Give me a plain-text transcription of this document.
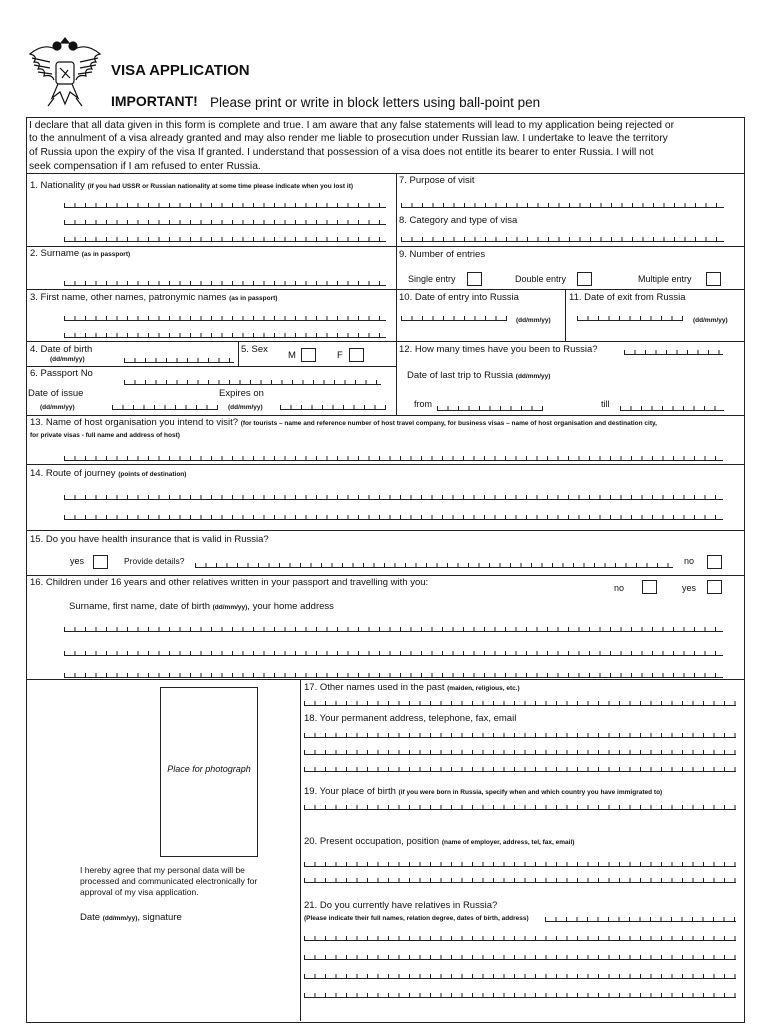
VISA APPLICATION
IMPORTANT! Please print or write in block letters using ball-point pen
I declare that all data given in this form is complete and true. I am aware that any false statements will lead to my application being rejected or
to the annulment of a visa already granted and may also render me liable to prosecution under Russian law. I undertake to leave the territory
of Russia upon the expiry of the visa If granted. I understand that possession of a visa does not entitle its bearer to enter Russia. I will not
seek compensation if I am refused to enter Russia.
1. Nationality (if you had USSR or Russian nationality at some time please indicate when you lost it)
7. Purpose of visit
8. Category and type of visa
2. Surname (as in passport)	9. Number of entries
Single entry	Double entry	Multiple entry
3. First name, other names, patronymic names (as in passport)	10. Date of entry into Russia
(dd/mm/yy)
11. Date of exit from Russia
(dd/mm/yy)
4. Date of birth
(dd/mm/yy)
5. Sex
M	F
12. How many times have you been to Russia?
Date of last trip to Russia (dd/mm/yy)
from	till
6. Passport No
Date of issue
(dd/mm/yy)
Expires on
(dd/mm/yy)
13. Name of host organisation you intend to visit? (for tourists – name and reference number of host travel company, for business visas – name of host organisation and destination city,
for private visas - full name and address of host)
14. Route of journey (points of destination)
15. Do you have health insurance that is valid in Russia?
yes	Provide details?	no
16. Children under 16 years and other relatives written in your passport and travelling with you:	no	yes
Surname, first name, date of birth (dd/mm/yy), your home address
Place for photograph
I hereby agree that my personal data will be
processed and communicated electronically for
approval of my visa application.
Date (dd/mm/yy), signature
17. Other names used in the past (maiden, religious, etc.)
18. Your permanent address, telephone, fax, email
19. Your place of birth (if you were born in Russia, specify when and which country you have immigrated to)
20. Present occupation, position (name of employer, address, tel, fax, email)
21. Do you currently have relatives in Russia?
(Please indicate their full names, relation degree, dates of birth, address)
